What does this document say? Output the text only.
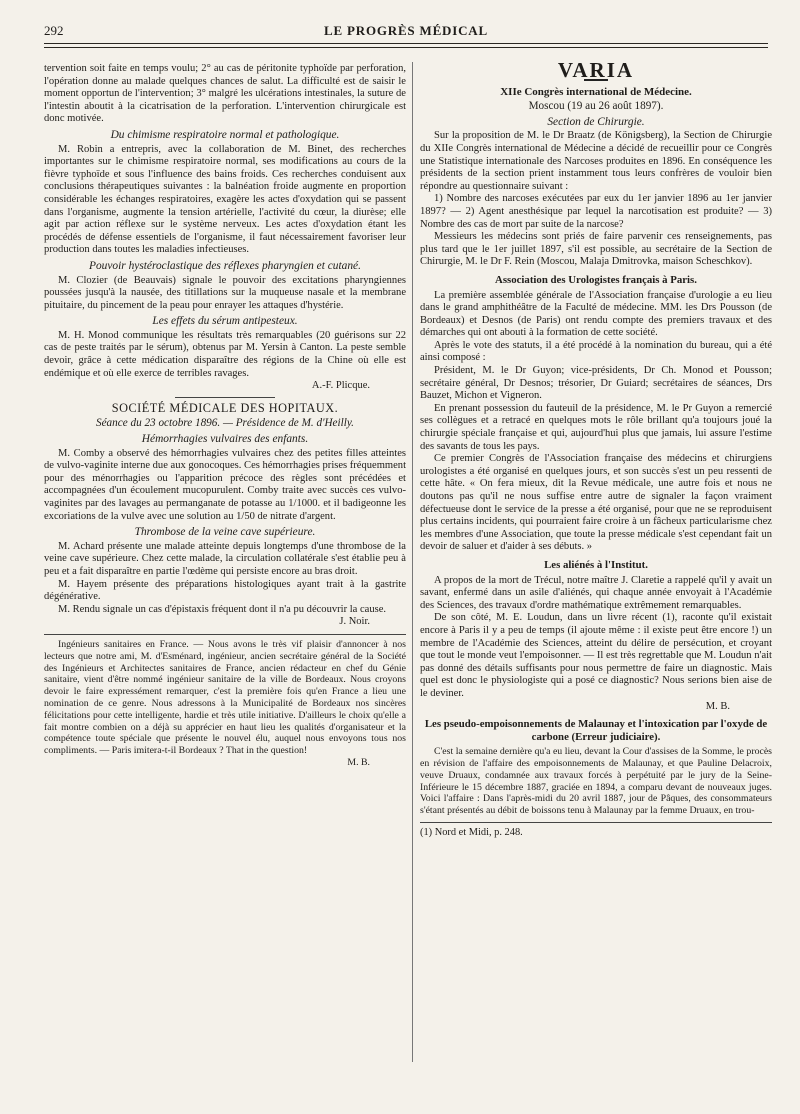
292	LE PROGRÈS MÉDICAL

tervention soit faite en temps voulu; 2° au cas de péritonite typhoïde par perforation, l'opération donne au malade quelques chances de salut. La difficulté est de saisir le moment opportun de l'intervention; 3° malgré les ulcérations intestinales, la suture de l'intestin aboutit à la cicatrisation de la perforation. L'intervention chirurgicale est donc motivée.

Du chimisme respiratoire normal et pathologique.

M. Robin a entrepris, avec la collaboration de M. Binet, des recherches importantes sur le chimisme respiratoire normal, ses modifications au cours de la fièvre typhoïde et sous l'influence des bains froids. Ces recherches conduisent aux conclusions thérapeutiques suivantes : la balnéation froide augmente en proportion considérable les échanges respiratoires, exagère les actes d'oxydation qui se passent dans l'organisme, augmente la tension artérielle, l'activité du cœur, la diurèse; elle agit par action réflexe sur le système nerveux. Les actes d'oxydation étant les procédés de défense essentiels de l'organisme, il faut nécessairement favoriser leur production dans toutes les maladies infectieuses.

Pouvoir hystéroclastique des réflexes pharyngien et cutané.

M. Clozier (de Beauvais) signale le pouvoir des excitations pharyngiennes poussées jusqu'à la nausée, des titillations sur la muqueuse nasale et la membrane pituitaire, du pincement de la peau pour enrayer les attaques d'hystérie.

Les effets du sérum antipesteux.

M. H. Monod communique les résultats très remarquables (20 guérisons sur 22 cas de peste traités par le sérum), obtenus par M. Yersin à Canton. La peste semble devoir, grâce à cette médication disparaître des régions de la Chine où elle est endémique et où elle exerce de terribles ravages.

A.-F. Plicque.
SOCIÉTÉ MÉDICALE DES HOPITAUX.
Séance du 23 octobre 1896. — Présidence de M. d'Heilly.
Hémorrhagies vulvaires des enfants.

M. Comby a observé des hémorrhagies vulvaires chez des petites filles atteintes de vulvo-vaginite interne due aux gonocoques. Ces hémorrhagies prises fréquemment pour des ménorrhagies ou l'apparition précoce des règles sont précédées et accompagnées d'un écoulement mucopurulent. Comby traite avec succès ces vulvo-vaginites par des lavages au permanganate de potasse au 1/1000. et il badigeonne les excoriations de la vulve avec une solution au 1/50 de nitrate d'argent.

Thrombose de la veine cave supérieure.

M. Achard présente une malade atteinte depuis longtemps d'une thrombose de la veine cave supérieure. Chez cette malade, la circulation collatérale s'est établie peu à peu et a fait disparaître en partie l'œdème qui persiste encore au bras droit.

M. Hayem présente des préparations histologiques ayant trait à la gastrite dégénérative.

M. Rendu signale un cas d'épistaxis fréquent dont il n'a pu découvrir la cause.

J. Noir.

Ingénieurs sanitaires en France. — Nous avons le très vif plaisir d'annoncer à nos lecteurs que notre ami, M. d'Esménard, ingénieur, ancien secrétaire général de la Société des Ingénieurs et Architectes sanitaires de France, ancien rédacteur en chef du Génie sanitaire, vient d'être nommé ingénieur sanitaire de la ville de Bordeaux. Nous croyons devoir le faire expressément remarquer, c'est la première fois qu'en France a lieu une nomination de ce genre. Nous adressons à la Municipalité de Bordeaux nos sincères félicitations pour cette intelligente, hardie et très utile initiative. D'ailleurs le choix qu'elle a fait montre combien on a déjà su apprécier en haut lieu les qualités d'organisateur et la compétence toute spéciale que présente le nouvel élu, auquel nous envoyons tous nos compliments. — Paris imitera-t-il Bordeaux ? That in the question!

M. B.
VARIA
XIIe Congrès international de Médecine.
Moscou (19 au 26 août 1897).
Section de Chirurgie.

Sur la proposition de M. le Dr Braatz (de Königsberg), la Section de Chirurgie du XIIe Congrès international de Médecine a décidé de recueillir pour ce Congrès une Statistique internationale des Narcoses produites en 1896. En conséquence les présidents de la section prient instamment tous leurs confrères de vouloir bien répondre au questionnaire suivant :

1) Nombre des narcoses exécutées par eux du 1er janvier 1896 au 1er janvier 1897? — 2) Agent anesthésique par lequel la narcotisation est produite? — 3) Nombre des cas de mort par suite de la narcose?

Messieurs les médecins sont priés de faire parvenir ces renseignements, pas plus tard que le 1er juillet 1897, s'il est possible, au secrétaire de la Section de Chirurgie, M. le Dr F. Rein (Moscou, Malaja Dmitrovka, maison Scheschkov).

Association des Urologistes français à Paris.

La première assemblée générale de l'Association française d'urologie a eu lieu dans le grand amphithéâtre de la Faculté de médecine. MM. les Drs Pousson (de Bordeaux) et Desnos (de Paris) ont rendu compte des premiers travaux et des démarches qui ont abouti à la formation de cette société.

Après le vote des statuts, il a été procédé à la nomination du bureau, qui a été ainsi composé :

Président, M. le Dr Guyon; vice-présidents, Dr Ch. Monod et Pousson; secrétaire général, Dr Desnos; trésorier, Dr Guiard; secrétaires de séances, Drs Bauzet, Michon et Vigneron.

En prenant possession du fauteuil de la présidence, M. le Pr Guyon a remercié ses collègues et a retracé en quelques mots le rôle brillant qu'a toujours joué la chirurgie spéciale française et qui, aujourd'hui plus que jamais, lui assure l'estime des savants de tous les pays.

Ce premier Congrès de l'Association française des médecins et chirurgiens urologistes a été organisé en quelques jours, et son succès s'est un peu ressenti de cette hâte. « On fera mieux, dit la Revue médicale, une autre fois et nous ne doutons pas qu'il ne nous suffise entre autre de signaler la façon vraiment défectueuse dont le service de la presse a été organisé, pour que ne se reproduisent plus certains incidents, qui pourraient faire croire à un fâcheux particularisme chez les membres d'une Association, que toute la presse médicale s'est cependant fait un devoir de saluer et d'aider à ses débuts. »

Les aliénés à l'Institut.

A propos de la mort de Trécul, notre maître J. Claretie a rappelé qu'il y avait un savant, enfermé dans un asile d'aliénés, qui chaque année envoyait à l'Académie des Sciences, des travaux d'ordre mathématique extrêmement remarquables.

De son côté, M. E. Loudun, dans un livre récent (1), raconte qu'il existait encore à Paris il y a peu de temps (il ajoute même : il existe peut être encore !) un membre de l'Académie des Sciences, atteint du délire de persécution, et croyant que tout le monde veut l'empoisonner. — Il est très regrettable que M. Loudun n'ait pas donné des détails suffisants pour nous permettre de faire un diagnostic. Mais quel est donc le physiologiste qui a posé ce diagnostic? Nous serions bien aise de le deviner.

M. B.
Les pseudo-empoisonnements de Malaunay et l'intoxication par l'oxyde de carbone (Erreur judiciaire).

C'est la semaine dernière qu'a eu lieu, devant la Cour d'assises de la Somme, le procès en révision de l'affaire des empoisonnements de Malaunay, et que Pauline Delacroix, veuve Druaux, condamnée aux travaux forcés à perpétuité par le jury de la Seine-Inférieure le 15 décembre 1887, graciée en 1894, a comparu devant de nouveaux juges. Voici l'affaire : Dans l'après-midi du 20 avril 1887, jour de Pâques, des consommateurs s'étant présentés au débit de boissons tenu à Malaunay par la femme Druaux, en trou-

(1) Nord et Midi, p. 248.
